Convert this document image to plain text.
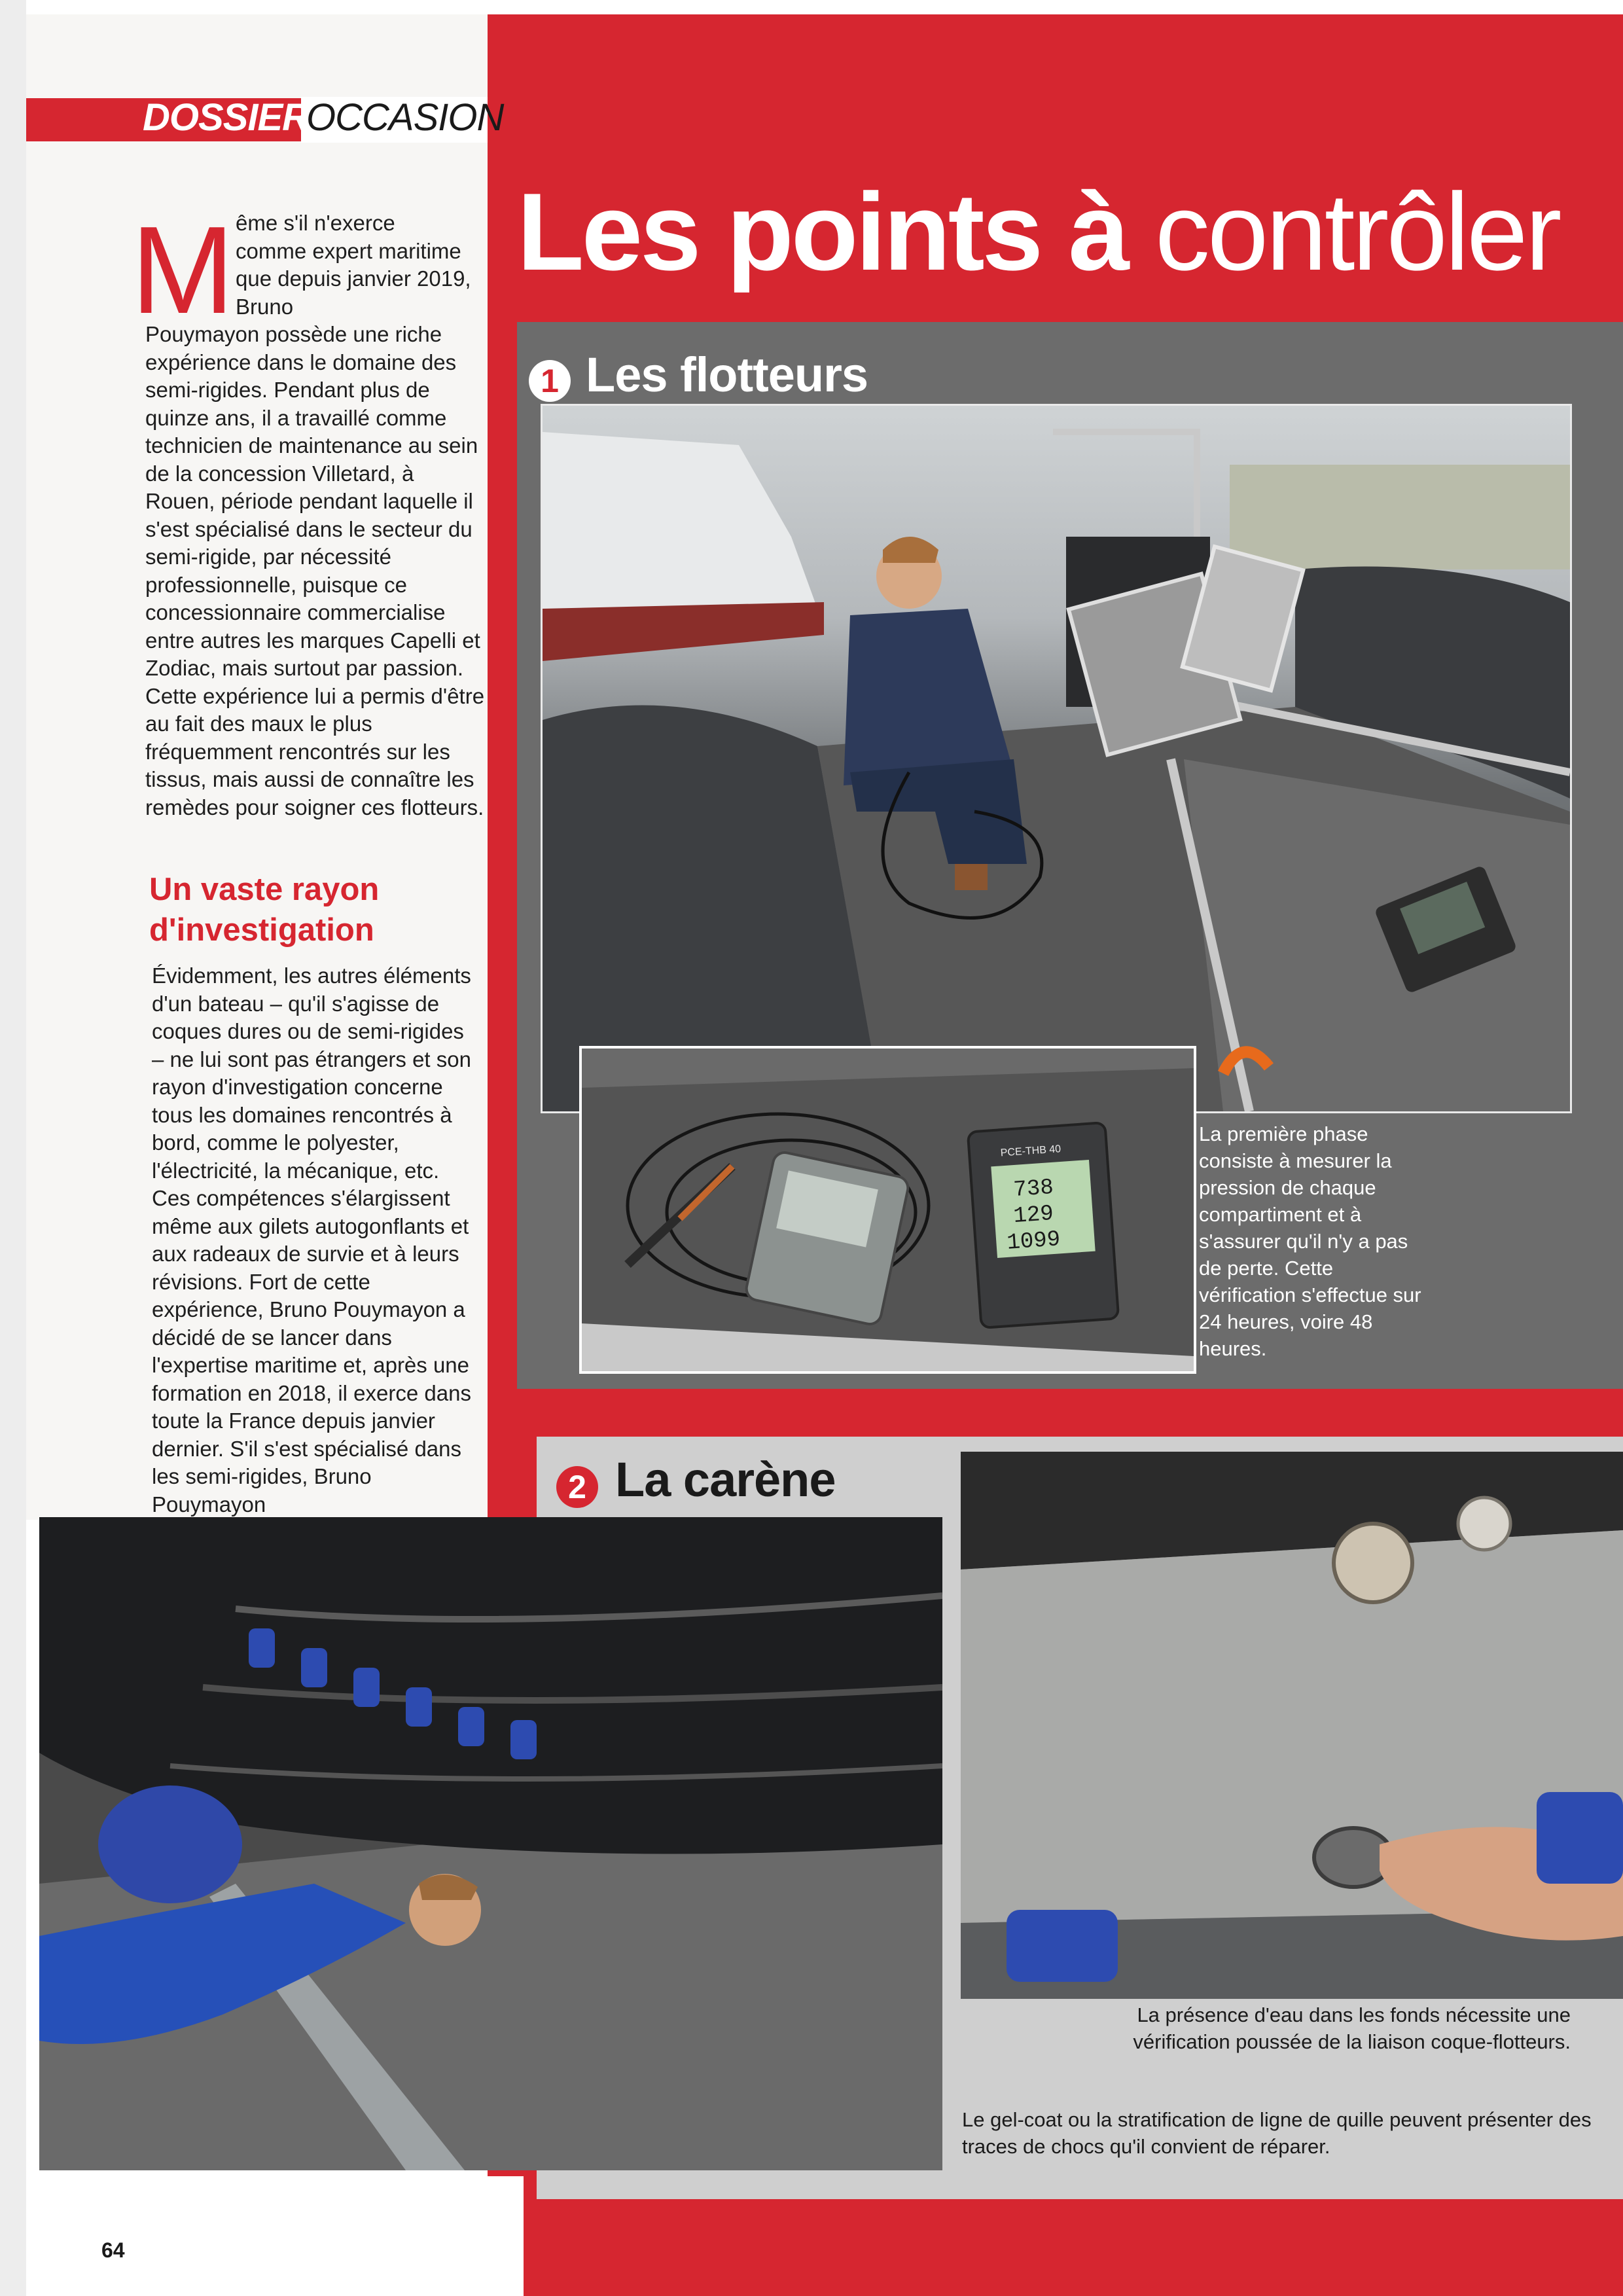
DOSSIER
OCCASION
Les points à contrôler
M ême s'il n'exerce comme expert maritime que depuis janvier 2019, Bruno
Pouymayon possède une riche expérience dans le domaine des semi-rigides. Pendant plus de quinze ans, il a travaillé comme technicien de maintenance au sein de la concession Villetard, à Rouen, période pendant laquelle il s'est spécialisé dans le secteur du semi-rigide, par nécessité professionnelle, puisque ce concessionnaire commercialise entre autres les marques Capelli et Zodiac, mais surtout par passion. Cette expérience lui a permis d'être au fait des maux le plus fréquemment rencontrés sur les tissus, mais aussi de connaître les remèdes pour soigner ces flotteurs.
Un vaste rayon d'investigation
Évidemment, les autres éléments d'un bateau – qu'il s'agisse de coques dures ou de semi-rigides – ne lui sont pas étrangers et son rayon d'investigation concerne tous les domaines rencontrés à bord, comme le polyester, l'électricité, la mécanique, etc. Ces compétences s'élargissent même aux gilets autogonflants et aux radeaux de survie et à leurs révisions. Fort de cette expérience, Bruno Pouymayon a décidé de se lancer dans l'expertise maritime et, après une formation en 2018, il exerce dans toute la France depuis janvier dernier. S'il s'est spécialisé dans les semi-rigides, Bruno Pouymayon
1 Les flotteurs
PCE-THB 40
738
129
1099
La première phase consiste à mesurer la pression de chaque compartiment et à s'assurer qu'il n'y a pas de perte. Cette vérification s'effectue sur 24 heures, voire 48 heures.
2 La carène
La présence d'eau dans les fonds nécessite une vérification poussée de la liaison coque-flotteurs.
Le gel-coat ou la stratification de ligne de quille peuvent présenter des traces de chocs qu'il convient de réparer.
64
